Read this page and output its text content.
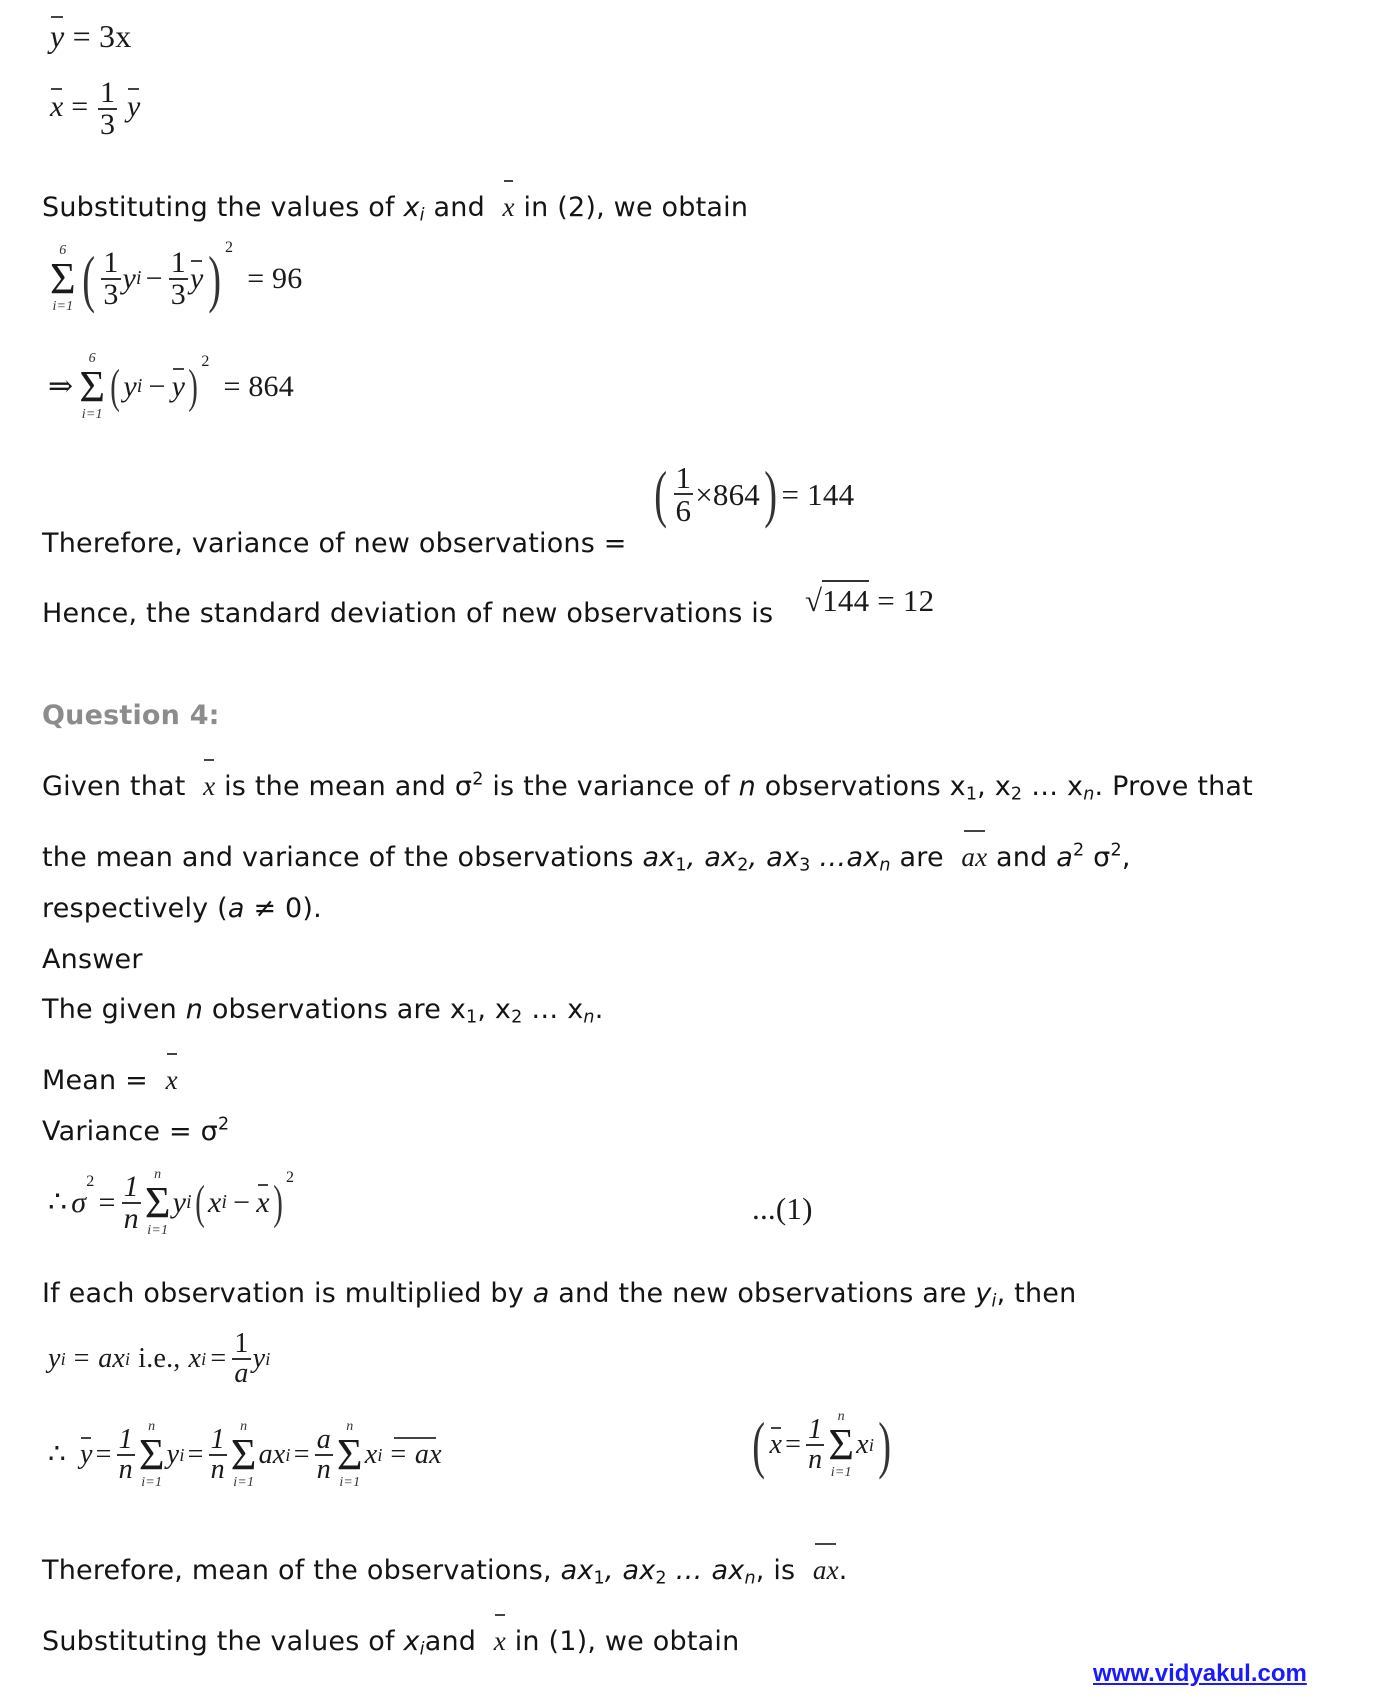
y = 3x
$x = \frac{1}{3}$ y
Substituting the values of $x_i$ and  x in (2), we obtain
6
Σ
i=1 ( $\frac{1}{3}$ y $i - \frac{1}{3}$ y ) 2
= 96
⇒
6
Σ
i=1
( y i − y ) 2
= 864
( $\frac{1}{6} \times 864$ ) = 144
Therefore, variance of new observations =
Hence, the standard deviation of new observations is √144 = 12
Question 4:
Given that  x is the mean and $\sigma^2$ is the variance of n observations $x_1$, $x_2$ … $x_n$. Prove that
the mean and variance of the observations $ax_1$, $ax_2$, $ax_3$ $\dots ax_n$ are  ax and $a^2$ $\sigma^2$,
respectively (a ≠ 0).
Answer
The given n observations are $x_1$, $x_2$ … $x_n$.
Mean =  x
Variance = $\sigma^2$
∴ σ
2
= $\frac{1}{n}$ n
Σ
i=1
y i ( x i − x ) 2
...(1)
If each observation is multiplied by a and the new observations are $y_i$, then
y i = ax i i.e., x $i = \frac{1}{a}$ y i
∴ $y = \frac{1}{n}$ n
Σ
i=1
y $i = \frac{1}{n}$ n
Σ
i=1
ax $i = \frac{a}{n}$ n
Σ
i=1
x i = ax	( $x = \frac{1}{n}$ n
Σ
i=1
x i )
Therefore, mean of the observations, $ax_1$, $ax_2$ … $ax_n$, is  ax.
Substituting the values of $x_iand$  x in (1), we obtain
www.vidyakul.com
